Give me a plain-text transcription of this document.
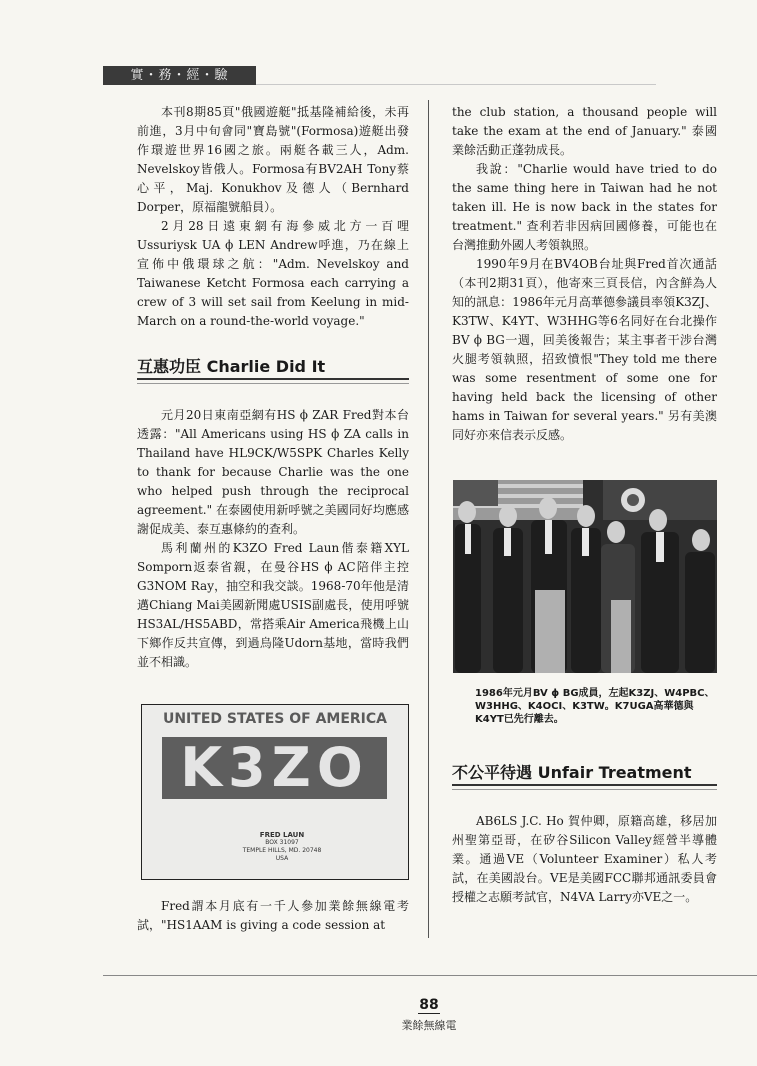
實・務・經・驗

本刊8期85頁"俄國遊艇"抵基隆補給後，未再前進，3月中旬會同"寶島號"(Formosa)遊艇出發作環遊世界16國之旅。兩艇各載三人，Adm. Nevelskoy皆俄人。Formosa有BV2AH Tony蔡心平，Maj. Konukhov及德人（Bernhard Dorper，原福龍號船員）。

2月28日遠東網有海參威北方一百哩Ussuriysk UA ϕ LEN Andrew呼進，乃在線上宣佈中俄環球之航："Adm. Nevelskoy and Taiwanese Ketcht Formosa each carrying a crew of 3 will set sail from Keelung in mid-March on a round-the-world voyage."

互惠功臣 Charlie Did It

元月20日東南亞網有HS ϕ ZAR Fred對本台透露："All Americans using HS ϕ ZA calls in Thailand have HL9CK/W5SPK Charles Kelly to thank for because Charlie was the one who helped push through the reciprocal agreement." 在泰國使用新呼號之美國同好均應感謝促成美、泰互惠條約的查利。

馬利蘭州的K3ZO Fred Laun偕泰籍XYL Somporn返泰省親，在曼谷HS ϕ AC陪伴主控G3NOM Ray，抽空和我交談。1968-70年他是清邁Chiang Mai美國新聞處USIS副處長，使用呼號HS3AL/HS5ABD，常搭乘Air America飛機上山下鄉作反共宣傳，到過烏隆Udorn基地，當時我們並不相識。

UNITED STATES OF AMERICA
K3ZO
FRED LAUN
BOX 31097
TEMPLE HILLS, MD. 20748
USA

Fred謂本月底有一千人參加業餘無線電考試，"HS1AAM is giving a code session at

the club station, a thousand people will take the exam at the end of January." 泰國業餘活動正蓬勃成長。

我說："Charlie would have tried to do the same thing here in Taiwan had he not taken ill. He is now back in the states for treatment." 查利若非因病回國修養，可能也在台灣推動外國人考領執照。

1990年9月在BV4OB台址與Fred首次通話（本刊2期31頁），他寄來三頁長信，內含鮮為人知的訊息：1986年元月高華德參議員率領K3ZJ、K3TW、K4YT、W3HHG等6名同好在台北操作BV ϕ BG一週，回美後報告；某主事者干涉台灣火腿考領執照，招致憤恨"They told me there was some resentment of some one for having held back the licensing of other hams in Taiwan for several years." 另有美澳同好亦來信表示反感。

1986年元月BV ϕ BG成員，左起K3ZJ、W4PBC、W3HHG、K4OCI、K3TW。K7UGA高華德與K4YT已先行離去。
不公平待遇 Unfair Treatment

AB6LS J.C. Ho 賀仲卿，原籍高雄，移居加州聖第亞哥，在矽谷Silicon Valley經營半導體業。通過VE（Volunteer Examiner）私人考試，在美國設台。VE是美國FCC聯邦通訊委員會授權之志願考試官，N4VA Larry亦VE之一。

88
業餘無線電
